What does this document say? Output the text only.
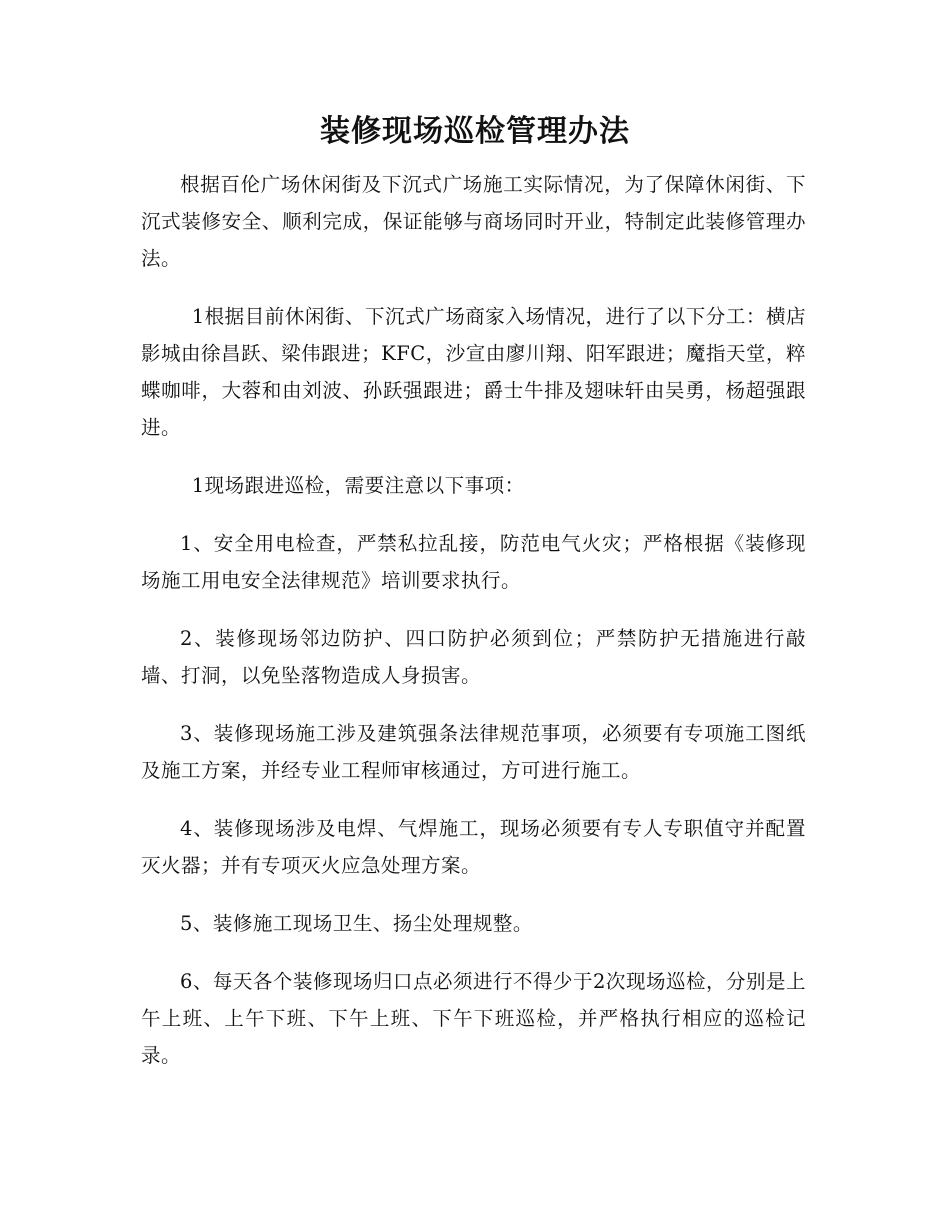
装修现场巡检管理办法

根据百伦广场休闲街及下沉式广场施工实际情况，为了保障休闲街、下沉式装修安全、顺利完成，保证能够与商场同时开业，特制定此装修管理办法。

1根据目前休闲街、下沉式广场商家入场情况，进行了以下分工：横店影城由徐昌跃、梁伟跟进；KFC，沙宣由廖川翔、阳军跟进；魔指天堂，粹蝶咖啡，大蓉和由刘波、孙跃强跟进；爵士牛排及翅味轩由吴勇，杨超强跟进。

1现场跟进巡检，需要注意以下事项：

1、安全用电检查，严禁私拉乱接，防范电气火灾；严格根据《装修现场施工用电安全法律规范》培训要求执行。

2、装修现场邻边防护、四口防护必须到位；严禁防护无措施进行敲墙、打洞，以免坠落物造成人身损害。

3、装修现场施工涉及建筑强条法律规范事项，必须要有专项施工图纸及施工方案，并经专业工程师审核通过，方可进行施工。

4、装修现场涉及电焊、气焊施工，现场必须要有专人专职值守并配置灭火器；并有专项灭火应急处理方案。

5、装修施工现场卫生、扬尘处理规整。

6、每天各个装修现场归口点必须进行不得少于2次现场巡检，分别是上午上班、上午下班、下午上班、下午下班巡检，并严格执行相应的巡检记录。
